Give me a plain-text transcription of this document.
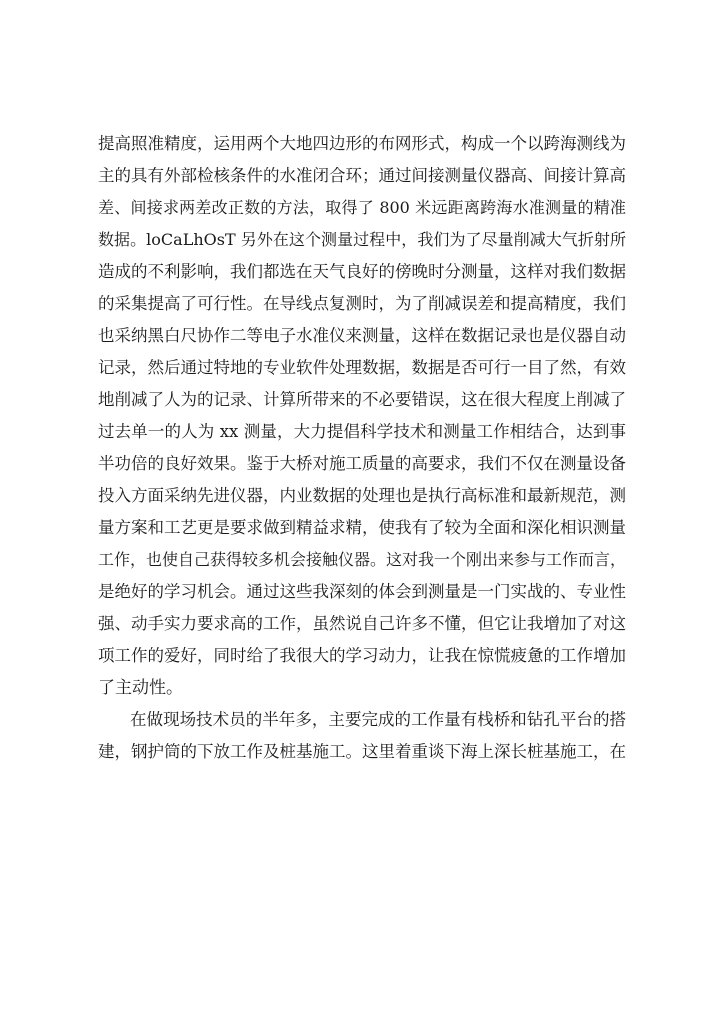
提高照准精度，运用两个大地四边形的布网形式，构成一个以跨海测线为
主的具有外部检核条件的水准闭合环；通过间接测量仪器高、间接计算高
差、间接求两差改正数的方法，取得了 800 米远距离跨海水准测量的精准
数据。loCaLhOsT 另外在这个测量过程中，我们为了尽量削减大气折射所
造成的不利影响，我们都选在天气良好的傍晚时分测量，这样对我们数据
的采集提高了可行性。在导线点复测时，为了削减误差和提高精度，我们
也采纳黑白尺协作二等电子水准仪来测量，这样在数据记录也是仪器自动
记录，然后通过特地的专业软件处理数据，数据是否可行一目了然，有效
地削减了人为的记录、计算所带来的不必要错误，这在很大程度上削减了
过去单一的人为 xx 测量，大力提倡科学技术和测量工作相结合，达到事
半功倍的良好效果。鉴于大桥对施工质量的高要求，我们不仅在测量设备
投入方面采纳先进仪器，内业数据的处理也是执行高标准和最新规范，测
量方案和工艺更是要求做到精益求精，使我有了较为全面和深化相识测量
工作，也使自己获得较多机会接触仪器。这对我一个刚出来参与工作而言，
是绝好的学习机会。通过这些我深刻的体会到测量是一门实战的、专业性
强、动手实力要求高的工作，虽然说自己许多不懂，但它让我增加了对这
项工作的爱好，同时给了我很大的学习动力，让我在惊慌疲惫的工作增加
了主动性。
在做现场技术员的半年多，主要完成的工作量有栈桥和钻孔平台的搭
建，钢护筒的下放工作及桩基施工。这里着重谈下海上深长桩基施工，在
